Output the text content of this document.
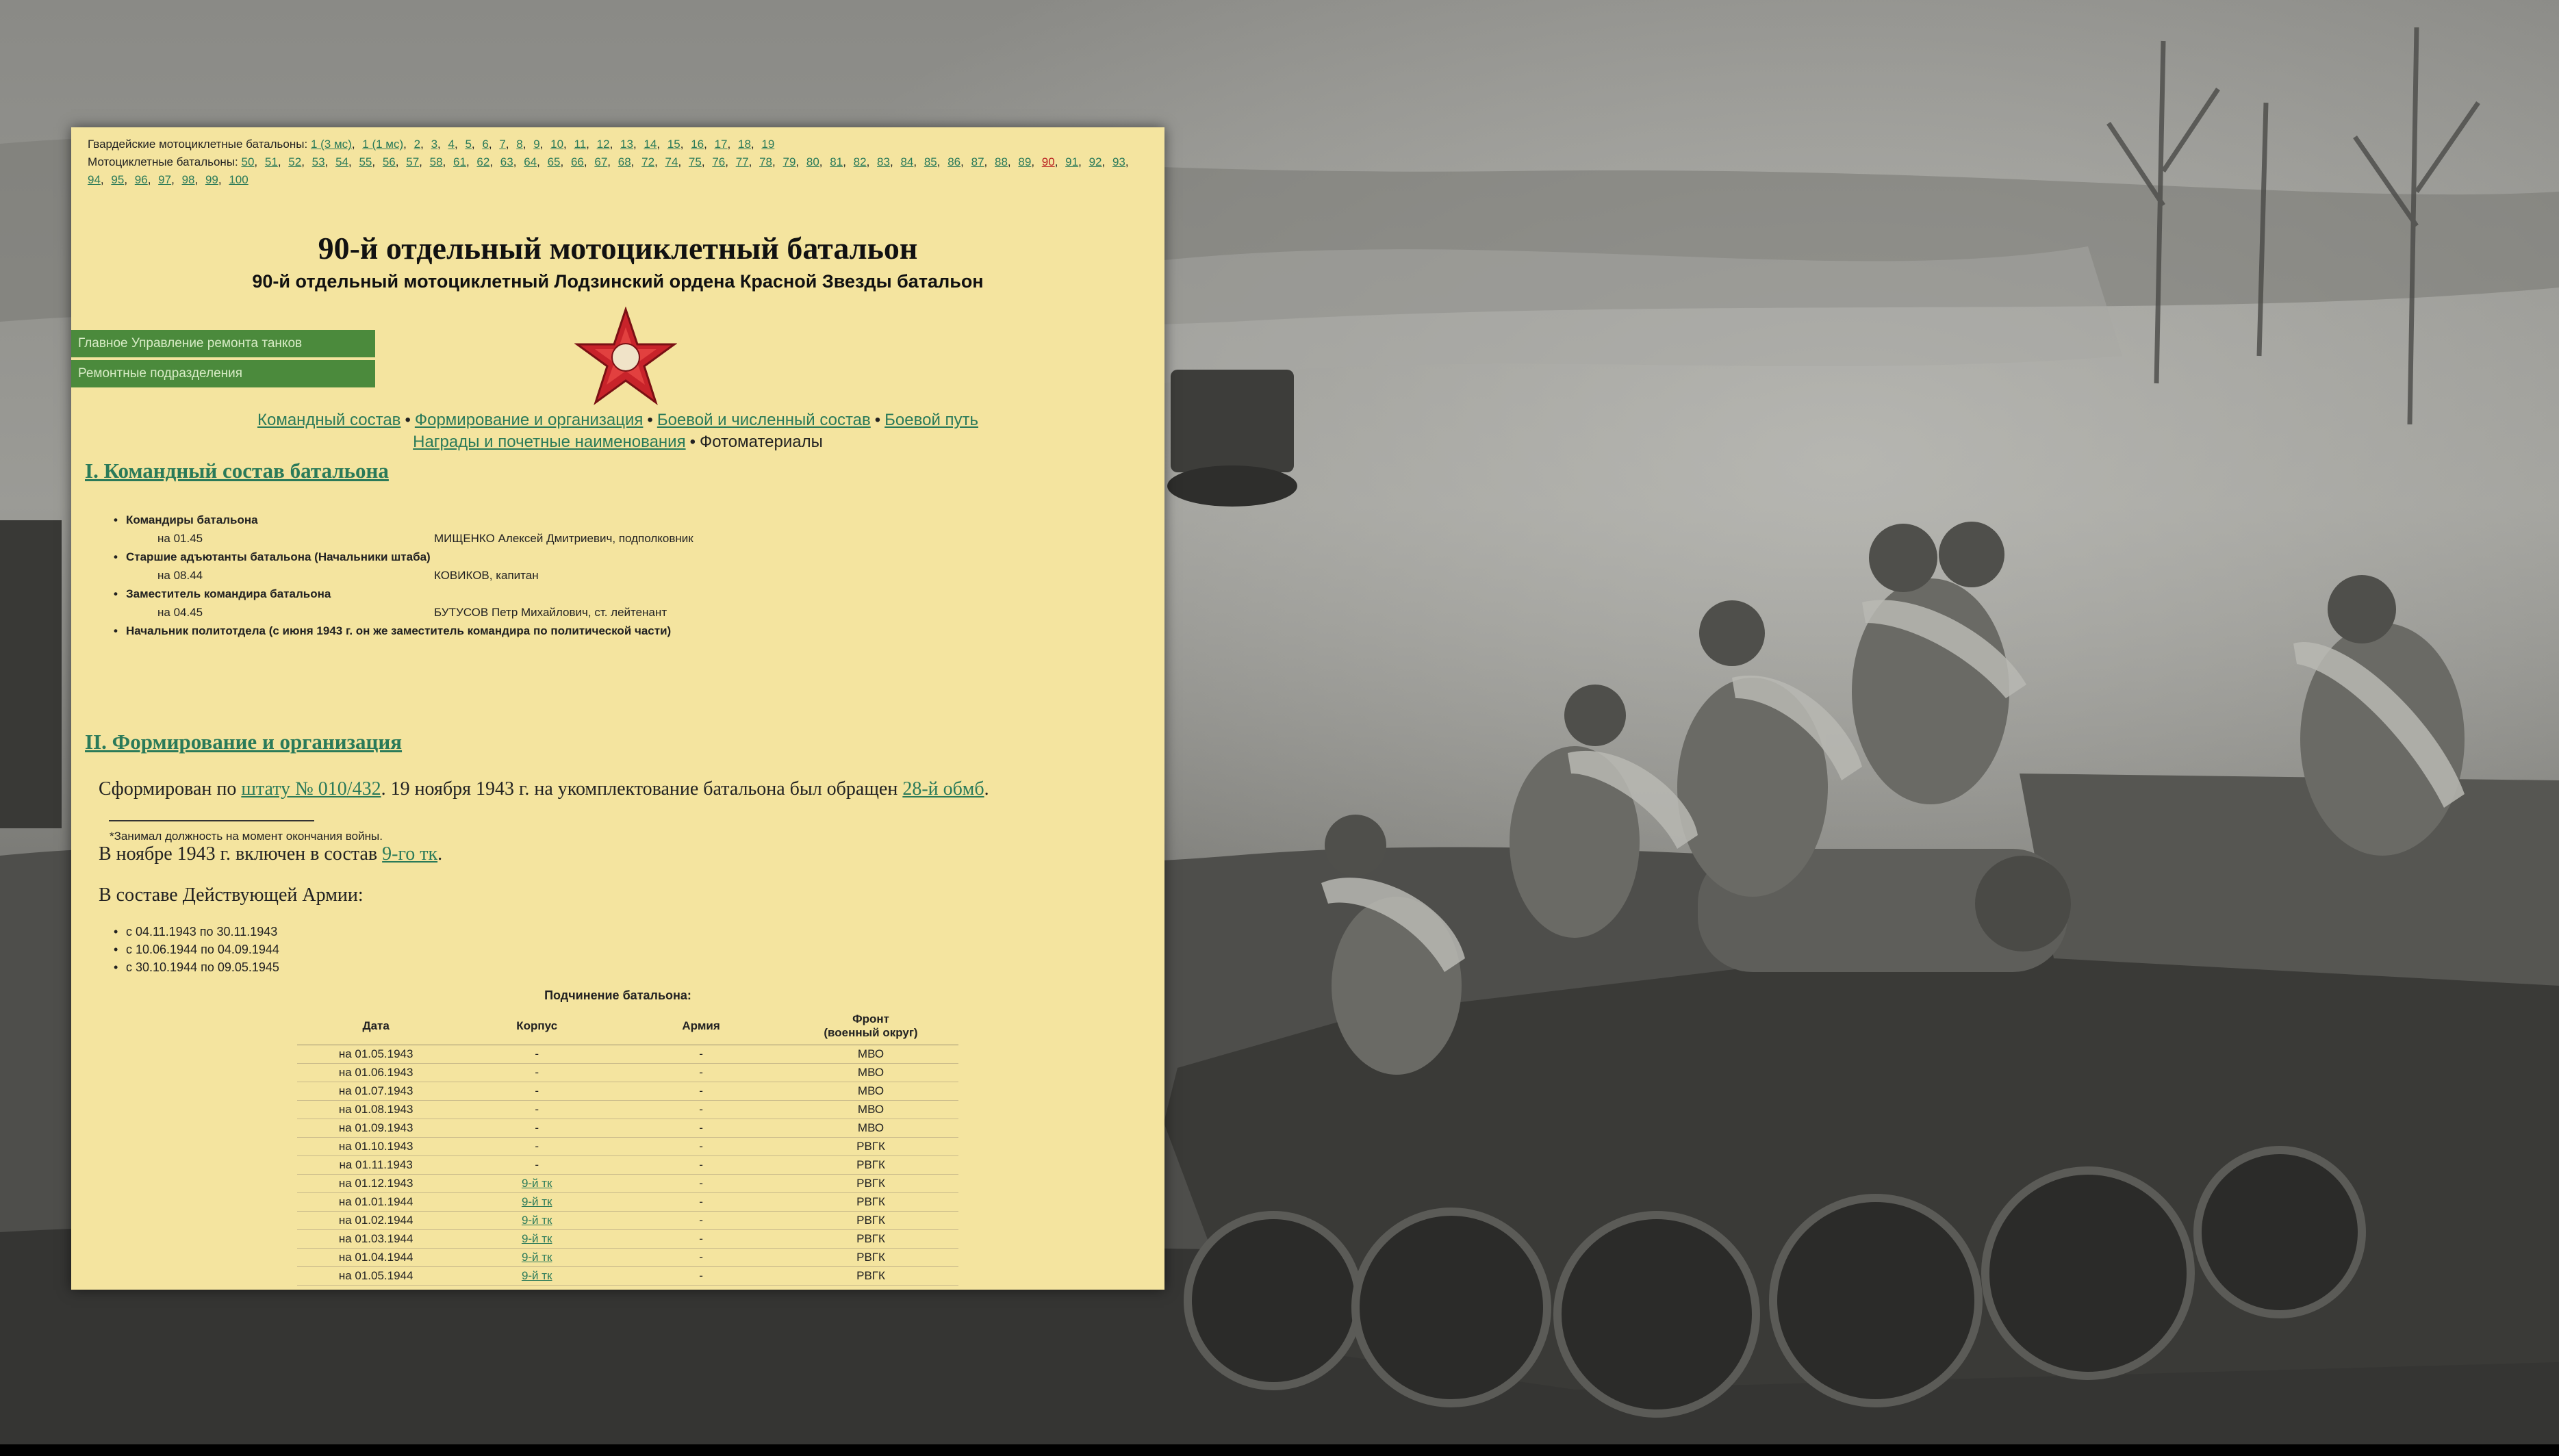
Гвардейские мотоциклетные батальоны: 1 (3 мс), 1 (1 мс), 2, 3, 4, 5, 6, 7, 8, 9, 10, 11, 12, 13, 14, 15, 16, 17, 18, 19
Мотоциклетные батальоны: 50, 51, 52, 53, 54, 55, 56, 57, 58, 61, 62, 63, 64, 65, 66, 67, 68, 72, 74, 75, 76, 77, 78, 79, 80, 81, 82, 83, 84, 85, 86, 87, 88, 89, 90, 91, 92, 93, 94, 95, 96, 97, 98, 99, 100
90-й отдельный мотоциклетный батальон
90-й отдельный мотоциклетный Лодзинский ордена Красной Звезды батальон
Главное Управление ремонта танков
Ремонтные подразделения
Командный состав • Формирование и организация • Боевой и численный состав • Боевой путь
Награды и почетные наименования • Фотоматериалы
I. Командный состав батальона
• Командиры батальона
на 01.45	МИЩЕНКО Алексей Дмитриевич, подполковник
• Старшие адъютанты батальона (Начальники штаба)
на 08.44	КОВИКОВ, капитан
• Заместитель командира батальона
на 04.45	БУТУСОВ Петр Михайлович, ст. лейтенант
• Начальник политотдела (с июня 1943 г. он же заместитель командира по политической части)
*Занимал должность на момент окончания войны.
II. Формирование и организация
Сформирован по штату № 010/432. 19 ноября 1943 г. на укомплектование батальона был обращен 28-й обмб.
В ноябре 1943 г. включен в состав 9-го тк.
В составе Действующей Армии:
• с 04.11.1943 по 30.11.1943
• с 10.06.1944 по 04.09.1944
• с 30.10.1944 по 09.05.1945
Подчинение батальона:
Дата	Корпус	Армия	Фронт
(военный округ)
на 01.05.1943	-	-	МВО
на 01.06.1943	-	-	МВО
на 01.07.1943	-	-	МВО
на 01.08.1943	-	-	МВО
на 01.09.1943	-	-	МВО
на 01.10.1943	-	-	РВГК
на 01.11.1943	-	-	РВГК
на 01.12.1943	9-й тк	-	РВГК
на 01.01.1944	9-й тк	-	РВГК
на 01.02.1944	9-й тк	-	РВГК
на 01.03.1944	9-й тк	-	РВГК
на 01.04.1944	9-й тк	-	РВГК
на 01.05.1944	9-й тк	-	РВГК
